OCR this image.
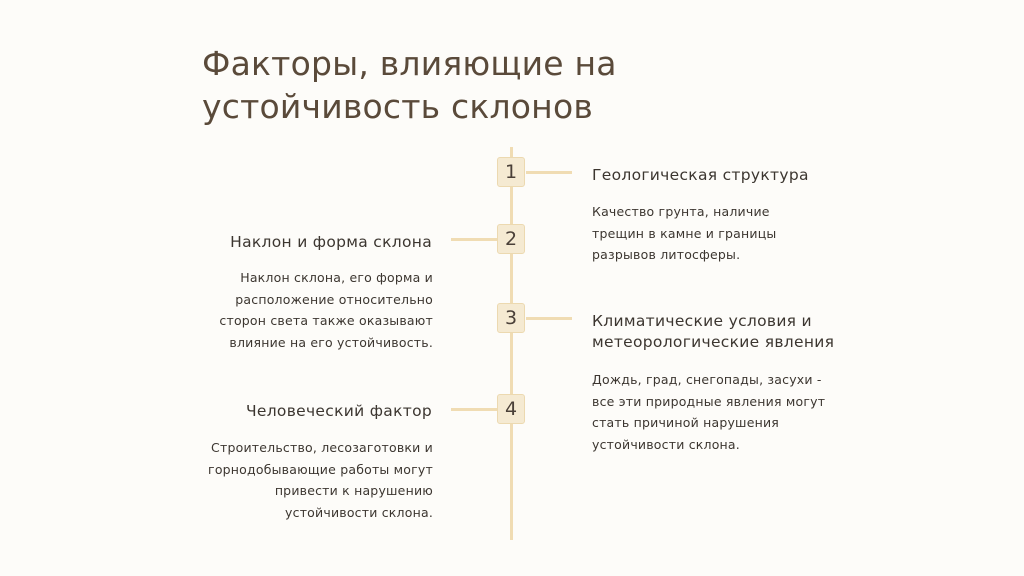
Факторы, влияющие на устойчивость склонов
1	Геологическая структура
Качество грунта, наличие трещин в камне и границы разрывов литосферы.
2
Наклон и форма склона
Наклон склона, его форма и расположение относительно сторон света также оказывают влияние на его устойчивость.
3	Климатические условия и метеорологические явления
Дождь, град, снегопады, засухи - все эти природные явления могут стать причиной нарушения устойчивости склона.
4
Человеческий фактор
Строительство, лесозаготовки и горнодобывающие работы могут привести к нарушению устойчивости склона.
